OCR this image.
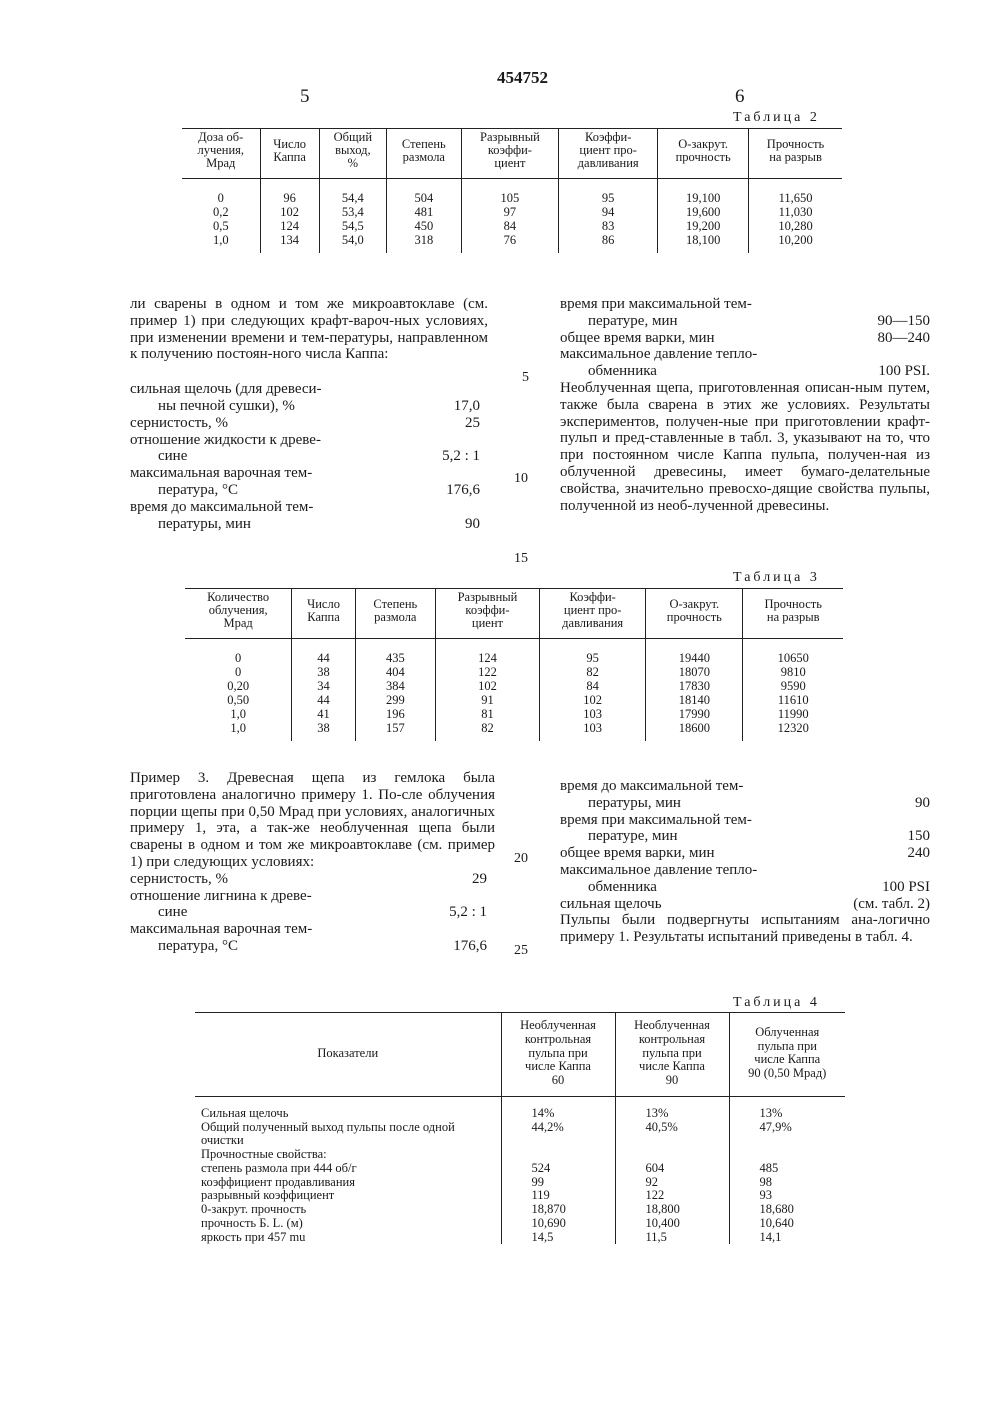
454752
5	6
Таблица 2
Доза об-
лучения,
Мрад	Число
Каппа	Общий
выход,
%	Степень
размола	Разрывный
коэффи-
циент	Коэффи-
циент про-
давливания	О-закрут.
прочность	Прочность
на разрыв
0	96	54,4	504	105	95	19,100	11,650
0,2	102	53,4	481	97	94	19,600	11,030
0,5	124	54,5	450	84	83	19,200	10,280
1,0	134	54,0	318	76	86	18,100	10,200

ли сварены в одном и том же микроавтоклаве (см. пример 1) при следующих крафт-вароч-ных условиях, при изменении времени и тем-пературы, направленном к получению постоян-ного числа Каппа:

сильная щелочь (для древеси-
ны печной сушки), %	17,0
сернистость, %	25
отношение жидкости к древе-
сине	5,2 : 1
максимальная варочная тем-
пература, °С	176,6
время до максимальной тем-
пературы, мин	90
время при максимальной тем-
пературе, мин	90—150
общее время варки, мин	80—240
максимальное давление тепло-
обменника	100 PSI.

Необлученная щепа, приготовленная описан-ным путем, также была сварена в этих же условиях. Результаты экспериментов, получен-ные при приготовлении крафт-пульп и пред-ставленные в табл. 3, указывают на то, что при постоянном числе Каппа пульпа, получен-ная из облученной древесины, имеет бумаго-делательные свойства, значительно превосхо-дящие свойства пульпы, полученной из необ-лученной древесины.

5
10
15
20
25
Таблица 3
Количество
облучения,
Мрад	Число
Каппа	Степень
размола	Разрывный
коэффи-
циент	Коэффи-
циент про-
давливания	О-закрут.
прочность	Прочность
на разрыв
0	44	435	124	95	19440	10650
0	38	404	122	82	18070	9810
0,20	34	384	102	84	17830	9590
0,50	44	299	91	102	18140	11610
1,0	41	196	81	103	17990	11990
1,0	38	157	82	103	18600	12320

Пример 3. Древесная щепа из гемлока была приготовлена аналогично примеру 1. По-сле облучения порции щепы при 0,50 Мрад при условиях, аналогичных примеру 1, эта, а так-же необлученная щепа были сварены в одном и том же микроавтоклаве (см. пример 1) при следующих условиях:

сернистость, %	29
отношение лигнина к древе-
сине	5,2 : 1
максимальная варочная тем-
пература, °С	176,6
время до максимальной тем-
пературы, мин	90
время при максимальной тем-
пературе, мин	150
общее время варки, мин	240
максимальное давление тепло-
обменника	100 PSI
сильная щелочь	(см. табл. 2)

Пульпы были подвергнуты испытаниям ана-логично примеру 1. Результаты испытаний приведены в табл. 4.

Таблица 4
Показатели	Необлученная
контрольная
пульпа при
числе Каппа
60	Необлученная
контрольная
пульпа при
числе Каппа
90	Облученная
пульпа при
числе Каппа
90 (0,50 Мрад)
Сильная щелочь	14%	13%	13%
Общий полученный выход пульпы после одной очистки	44,2%	40,5%	47,9%
Прочностные свойства:			
степень размола при 444 об/г	524	604	485
коэффициент продавливания	99	92	98
разрывный коэффициент	119	122	93
0-закрут. прочность	18,870	18,800	18,680
прочность Б. L. (м)	10,690	10,400	10,640
яркость при 457 mu	14,5	11,5	14,1
